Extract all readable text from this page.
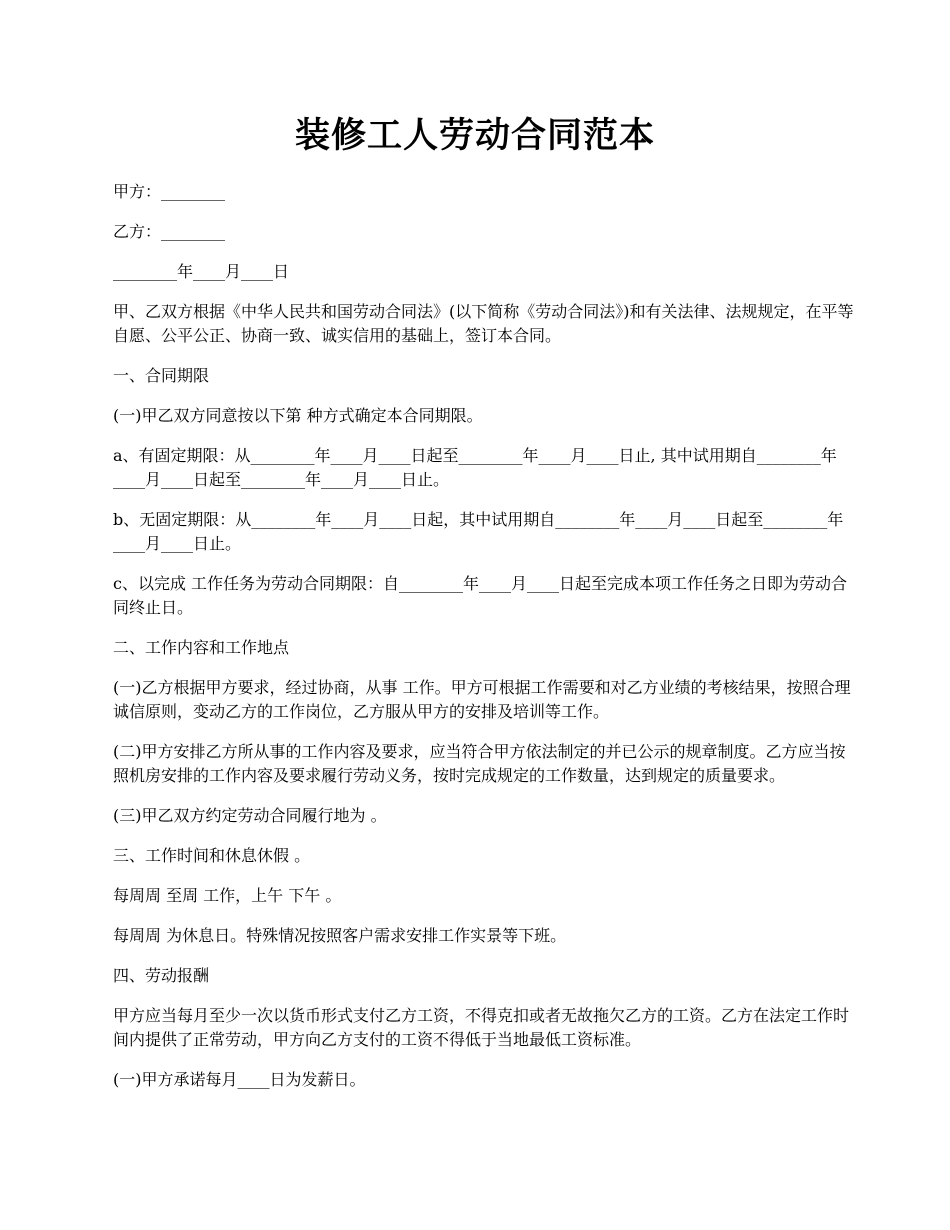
装修工人劳动合同范本

甲方：________

乙方：________

________年____月____日

甲、乙双方根据《中华人民共和国劳动合同法》(以下简称《劳动合同法》)和有关法律、法规规定，在平等自愿、公平公正、协商一致、诚实信用的基础上，签订本合同。

一、合同期限

(一)甲乙双方同意按以下第 种方式确定本合同期限。

a、有固定期限：从________年____月____日起至________年____月____日止, 其中试用期自________年____月____日起至________年____月____日止。

b、无固定期限：从________年____月____日起，其中试用期自________年____月____日起至________年____月____日止。

c、以完成 工作任务为劳动合同期限：自________年____月____日起至完成本项工作任务之日即为劳动合同终止日。

二、工作内容和工作地点

(一)乙方根据甲方要求，经过协商，从事 工作。甲方可根据工作需要和对乙方业绩的考核结果，按照合理诚信原则，变动乙方的工作岗位，乙方服从甲方的安排及培训等工作。

(二)甲方安排乙方所从事的工作内容及要求，应当符合甲方依法制定的并已公示的规章制度。乙方应当按照机房安排的工作内容及要求履行劳动义务，按时完成规定的工作数量，达到规定的质量要求。

(三)甲乙双方约定劳动合同履行地为 。

三、工作时间和休息休假 。

每周周 至周 工作，上午 下午 。

每周周 为休息日。特殊情况按照客户需求安排工作实景等下班。

四、劳动报酬

甲方应当每月至少一次以货币形式支付乙方工资，不得克扣或者无故拖欠乙方的工资。乙方在法定工作时间内提供了正常劳动，甲方向乙方支付的工资不得低于当地最低工资标准。

(一)甲方承诺每月____日为发薪日。
